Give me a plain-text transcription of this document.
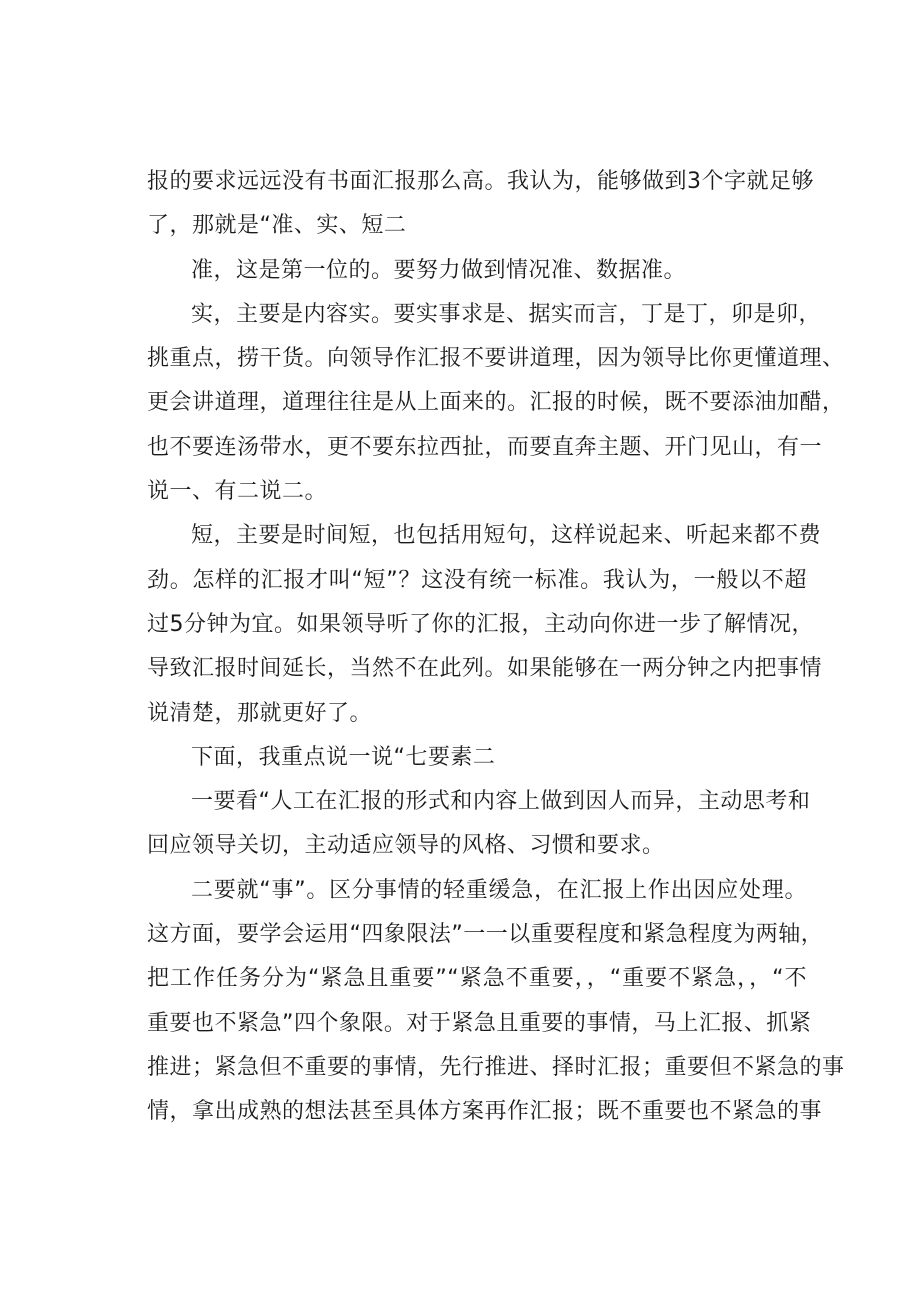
报的要求远远没有书面汇报那么高。我认为，能够做到3个字就足够
了，那就是“准、实、短二
准，这是第一位的。要努力做到情况准、数据准。
实，主要是内容实。要实事求是、据实而言，丁是丁，卯是卯，
挑重点，捞干货。向领导作汇报不要讲道理，因为领导比你更懂道理、
更会讲道理，道理往往是从上面来的。汇报的时候，既不要添油加醋，
也不要连汤带水，更不要东拉西扯，而要直奔主题、开门见山，有一
说一、有二说二。
短，主要是时间短，也包括用短句，这样说起来、听起来都不费
劲。怎样的汇报才叫“短”？这没有统一标准。我认为，一般以不超
过5分钟为宜。如果领导听了你的汇报，主动向你进一步了解情况，
导致汇报时间延长，当然不在此列。如果能够在一两分钟之内把事情
说清楚，那就更好了。
下面，我重点说一说“七要素二
一要看“人工在汇报的形式和内容上做到因人而异，主动思考和
回应领导关切，主动适应领导的风格、习惯和要求。
二要就“事”。区分事情的轻重缓急，在汇报上作出因应处理。
这方面，要学会运用“四象限法”一一以重要程度和紧急程度为两轴，
把工作任务分为“紧急且重要”“紧急不重要，，“重要不紧急，，“不
重要也不紧急”四个象限。对于紧急且重要的事情，马上汇报、抓紧
推进；紧急但不重要的事情，先行推进、择时汇报；重要但不紧急的事
情，拿出成熟的想法甚至具体方案再作汇报；既不重要也不紧急的事
